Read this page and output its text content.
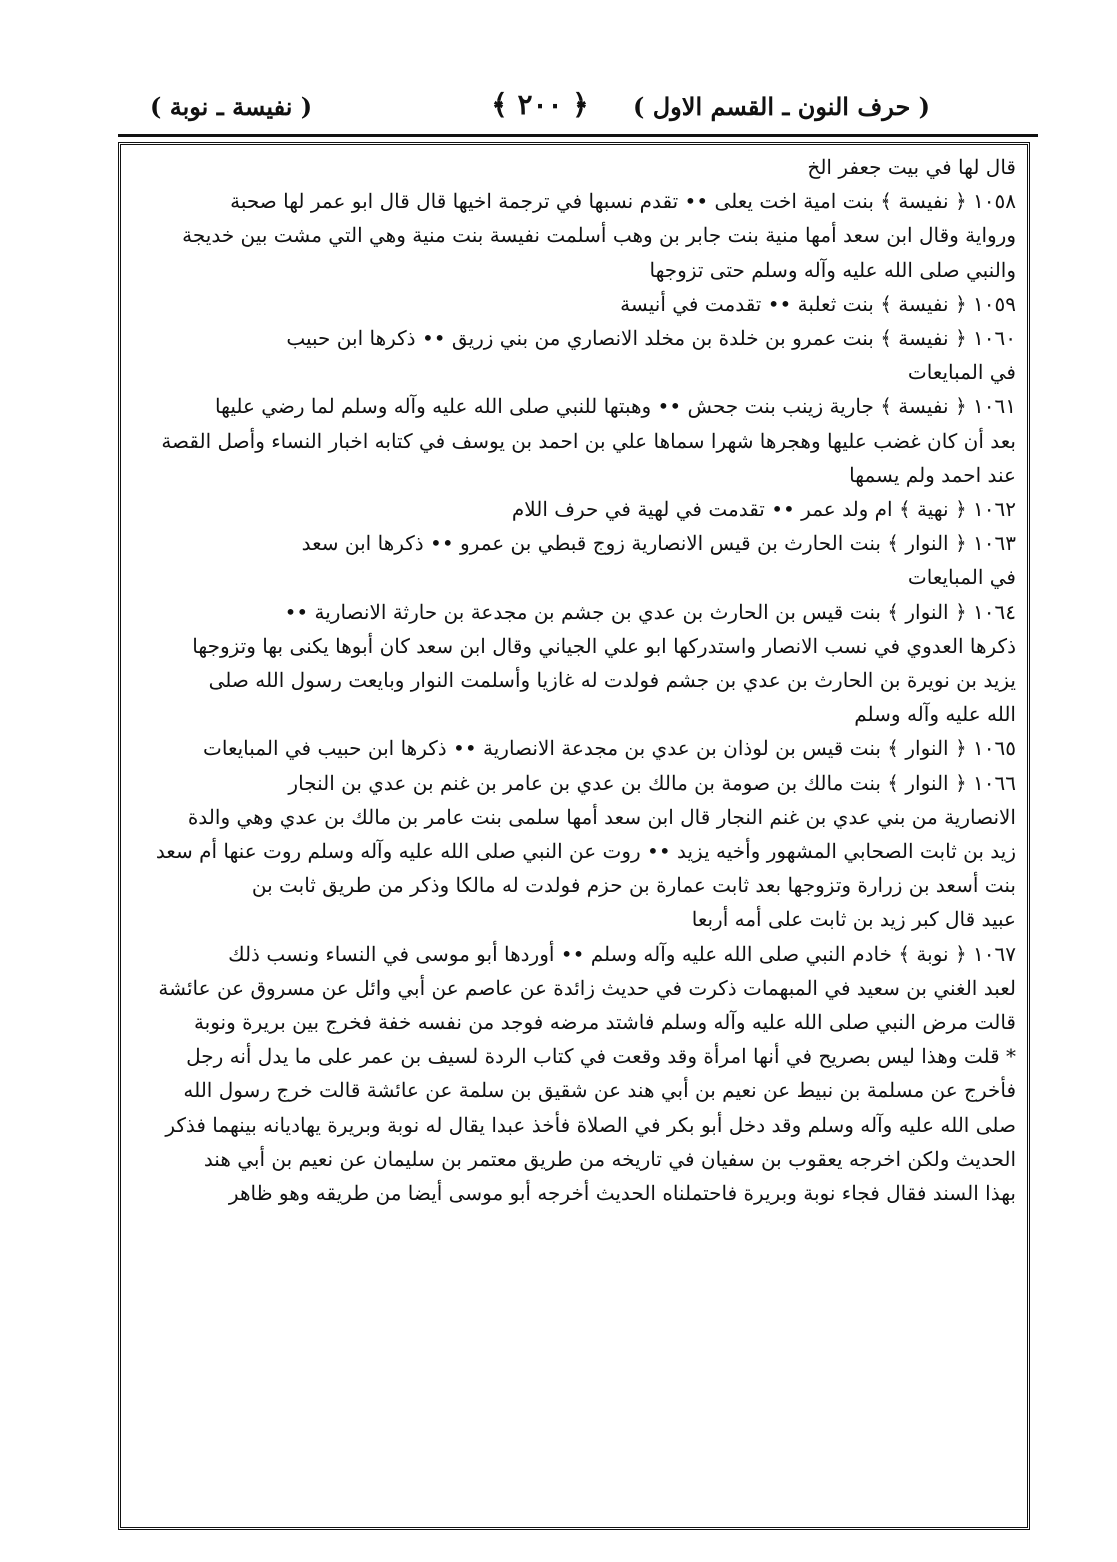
( حرف النون ـ القسم الاول )
﴿ ٢٠٠ ﴾
( نفيسة ـ نوبة )

قال لها في بيت جعفر الخ

١٠٥٨ ﴿ نفيسة ﴾ بنت امية اخت يعلى •• تقدم نسبها في ترجمة اخيها قال قال ابو عمر لها صحبة

ورواية وقال ابن سعد أمها منية بنت جابر بن وهب أسلمت نفيسة بنت منية وهي التي مشت بين خديجة

والنبي صلى الله عليه وآله وسلم حتى تزوجها

١٠٥٩ ﴿ نفيسة ﴾ بنت ثعلبة •• تقدمت في أنيسة

١٠٦٠ ﴿ نفيسة ﴾ بنت عمرو بن خلدة بن مخلد الانصاري من بني زريق •• ذكرها ابن حبيب

في المبايعات

١٠٦١ ﴿ نفيسة ﴾ جارية زينب بنت جحش •• وهبتها للنبي صلى الله عليه وآله وسلم لما رضي عليها

بعد أن كان غضب عليها وهجرها شهرا سماها علي بن احمد بن يوسف في كتابه اخبار النساء وأصل القصة

عند احمد ولم يسمها

١٠٦٢ ﴿ نهية ﴾ ام ولد عمر •• تقدمت في لهية في حرف اللام

١٠٦٣ ﴿ النوار ﴾ بنت الحارث بن قيس الانصارية زوج قبطي بن عمرو •• ذكرها ابن سعد

في المبايعات

١٠٦٤ ﴿ النوار ﴾ بنت قيس بن الحارث بن عدي بن جشم بن مجدعة بن حارثة الانصارية ••

ذكرها العدوي في نسب الانصار واستدركها ابو علي الجياني وقال ابن سعد كان أبوها يكنى بها وتزوجها

يزيد بن نويرة بن الحارث بن عدي بن جشم فولدت له غازيا وأسلمت النوار وبايعت رسول الله صلى

الله عليه وآله وسلم

١٠٦٥ ﴿ النوار ﴾ بنت قيس بن لوذان بن عدي بن مجدعة الانصارية •• ذكرها ابن حبيب في المبايعات

١٠٦٦ ﴿ النوار ﴾ بنت مالك بن صومة بن مالك بن عدي بن عامر بن غنم بن عدي بن النجار

الانصارية من بني عدي بن غنم النجار قال ابن سعد أمها سلمى بنت عامر بن مالك بن عدي وهي والدة

زيد بن ثابت الصحابي المشهور وأخيه يزيد •• روت عن النبي صلى الله عليه وآله وسلم روت عنها أم سعد

بنت أسعد بن زرارة وتزوجها بعد ثابت عمارة بن حزم فولدت له مالكا وذكر من طريق ثابت بن

عبيد قال كبر زيد بن ثابت على أمه أربعا

١٠٦٧ ﴿ نوبة ﴾ خادم النبي صلى الله عليه وآله وسلم •• أوردها أبو موسى في النساء ونسب ذلك

لعبد الغني بن سعيد في المبهمات ذكرت في حديث زائدة عن عاصم عن أبي وائل عن مسروق عن عائشة

قالت مرض النبي صلى الله عليه وآله وسلم فاشتد مرضه فوجد من نفسه خفة فخرج بين بريرة ونوبة

* قلت وهذا ليس بصريح في أنها امرأة وقد وقعت في كتاب الردة لسيف بن عمر على ما يدل أنه رجل

فأخرج عن مسلمة بن نبيط عن نعيم بن أبي هند عن شقيق بن سلمة عن عائشة قالت خرج رسول الله

صلى الله عليه وآله وسلم وقد دخل أبو بكر في الصلاة فأخذ عبدا يقال له نوبة وبريرة يهاديانه بينهما فذكر

الحديث ولكن اخرجه يعقوب بن سفيان في تاريخه من طريق معتمر بن سليمان عن نعيم بن أبي هند

بهذا السند فقال فجاء نوبة وبريرة فاحتملناه الحديث أخرجه أبو موسى أيضا من طريقه وهو ظاهر
